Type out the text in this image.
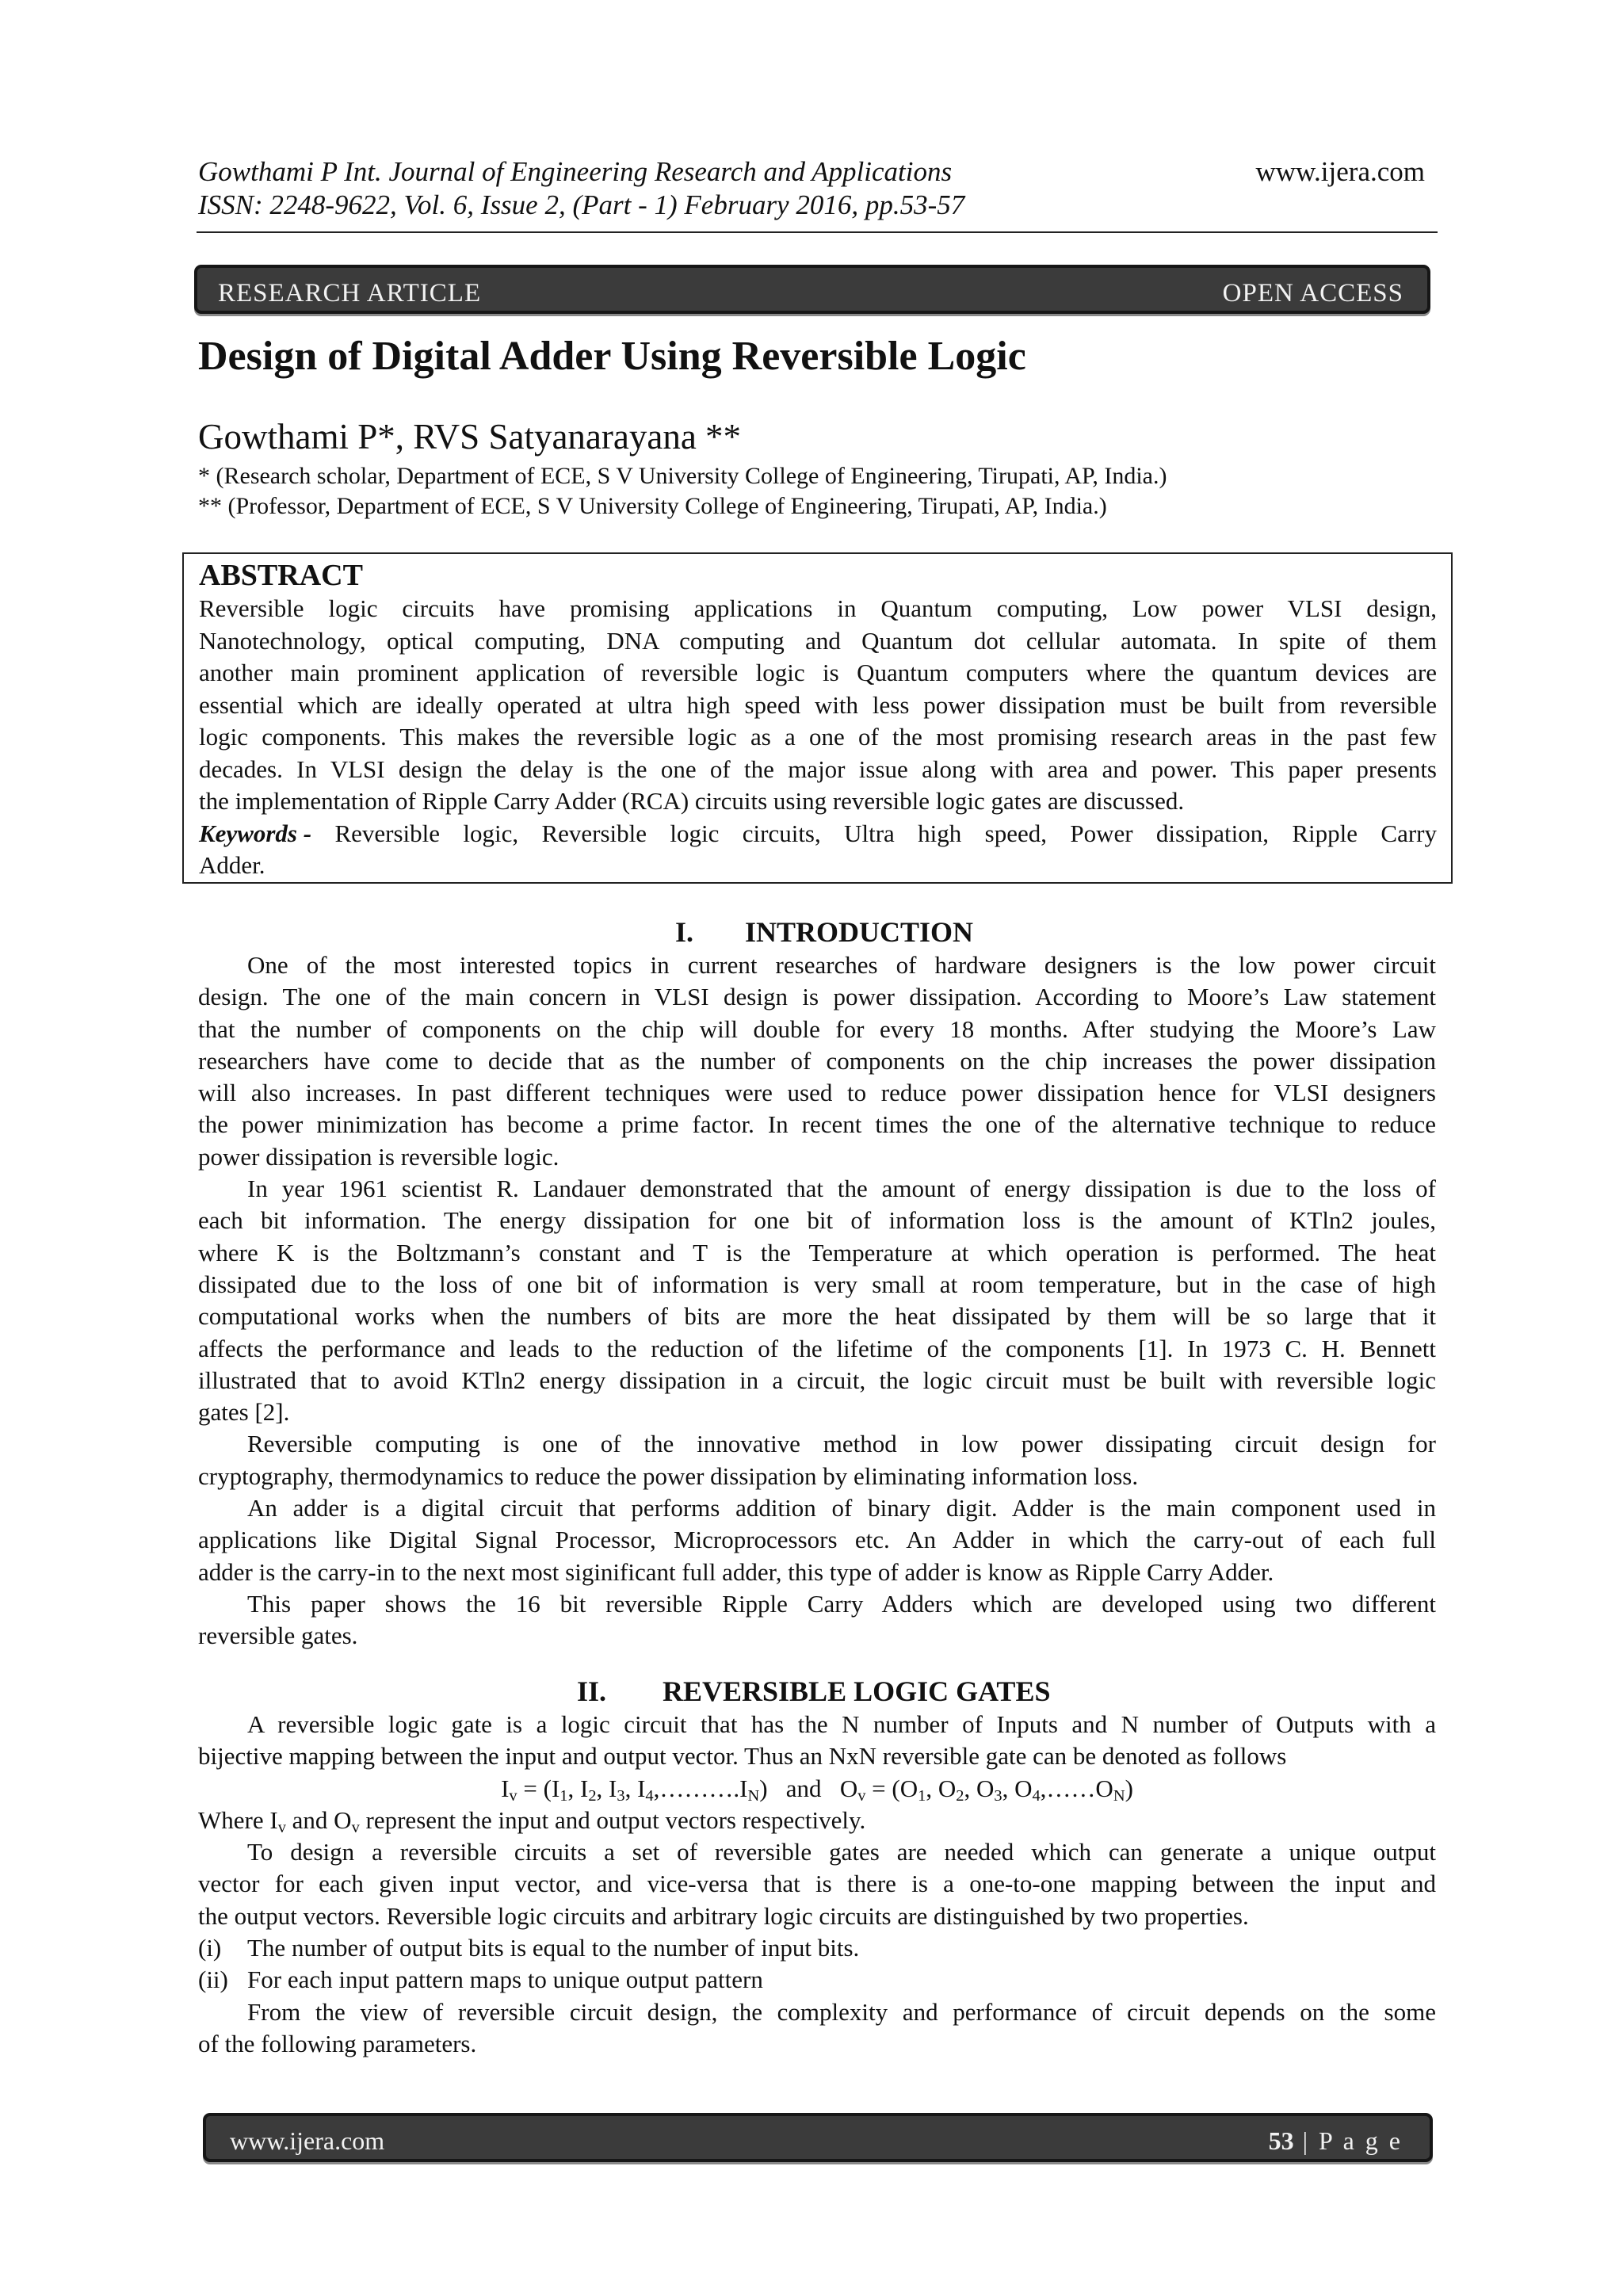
Gowthami P Int. Journal of Engineering Research and Applications	www.ijera.com
ISSN: 2248-9622, Vol. 6, Issue 2, (Part - 1) February 2016, pp.53-57
RESEARCH ARTICLE	OPEN ACCESS
Design of Digital Adder Using Reversible Logic
Gowthami P*, RVS Satyanarayana **
* (Research scholar, Department of ECE, S V University College of Engineering, Tirupati, AP, India.)
** (Professor, Department of ECE, S V University College of Engineering, Tirupati, AP, India.)
ABSTRACT
Reversible logic circuits have promising applications in Quantum computing, Low power VLSI design,
Nanotechnology, optical computing, DNA computing and Quantum dot cellular automata. In spite of them
another main prominent application of reversible logic is Quantum computers where the quantum devices are
essential which are ideally operated at ultra high speed with less power dissipation must be built from reversible
logic components. This makes the reversible logic as a one of the most promising research areas in the past few
decades. In VLSI design the delay is the one of the major issue along with area and power. This paper presents
the implementation of Ripple Carry Adder (RCA) circuits using reversible logic gates are discussed.
Keywords - Reversible logic, Reversible logic circuits, Ultra high speed, Power dissipation, Ripple Carry
Adder.
I. INTRODUCTION
One of the most interested topics in current researches of hardware designers is the low power circuit
design. The one of the main concern in VLSI design is power dissipation. According to Moore’s Law statement
that the number of components on the chip will double for every 18 months. After studying the Moore’s Law
researchers have come to decide that as the number of components on the chip increases the power dissipation
will also increases. In past different techniques were used to reduce power dissipation hence for VLSI designers
the power minimization has become a prime factor. In recent times the one of the alternative technique to reduce
power dissipation is reversible logic.
In year 1961 scientist R. Landauer demonstrated that the amount of energy dissipation is due to the loss of
each bit information. The energy dissipation for one bit of information loss is the amount of KTln2 joules,
where K is the Boltzmann’s constant and T is the Temperature at which operation is performed. The heat
dissipated due to the loss of one bit of information is very small at room temperature, but in the case of high
computational works when the numbers of bits are more the heat dissipated by them will be so large that it
affects the performance and leads to the reduction of the lifetime of the components [1]. In 1973 C. H. Bennett
illustrated that to avoid KTln2 energy dissipation in a circuit, the logic circuit must be built with reversible logic
gates [2].
Reversible computing is one of the innovative method in low power dissipating circuit design for
cryptography, thermodynamics to reduce the power dissipation by eliminating information loss.
An adder is a digital circuit that performs addition of binary digit. Adder is the main component used in
applications like Digital Signal Processor, Microprocessors etc. An Adder in which the carry-out of each full
adder is the carry-in to the next most siginificant full adder, this type of adder is know as Ripple Carry Adder.
This paper shows the 16 bit reversible Ripple Carry Adders which are developed using two different
reversible gates.
II. REVERSIBLE LOGIC GATES
A reversible logic gate is a logic circuit that has the N number of Inputs and N number of Outputs with a
bijective mapping between the input and output vector. Thus an NxN reversible gate can be denoted as follows
$I_v = (I_1$, $I_2$, $I_3$, $I_4,\dots\dots\dots.I_N$)   and   $O_v = (O_1$, $O_2$, $O_3$, $O_4,\dots\dots O_N$)
Where $I_v$ and $O_v$ represent the input and output vectors respectively.
To design a reversible circuits a set of reversible gates are needed which can generate a unique output
vector for each given input vector, and vice-versa that is there is a one-to-one mapping between the input and
the output vectors. Reversible logic circuits and arbitrary logic circuits are distinguished by two properties.
(i) The number of output bits is equal to the number of input bits.
(ii) For each input pattern maps to unique output pattern
From the view of reversible circuit design, the complexity and performance of circuit depends on the some
of the following parameters.
www.ijera.com	53 | P a g e
